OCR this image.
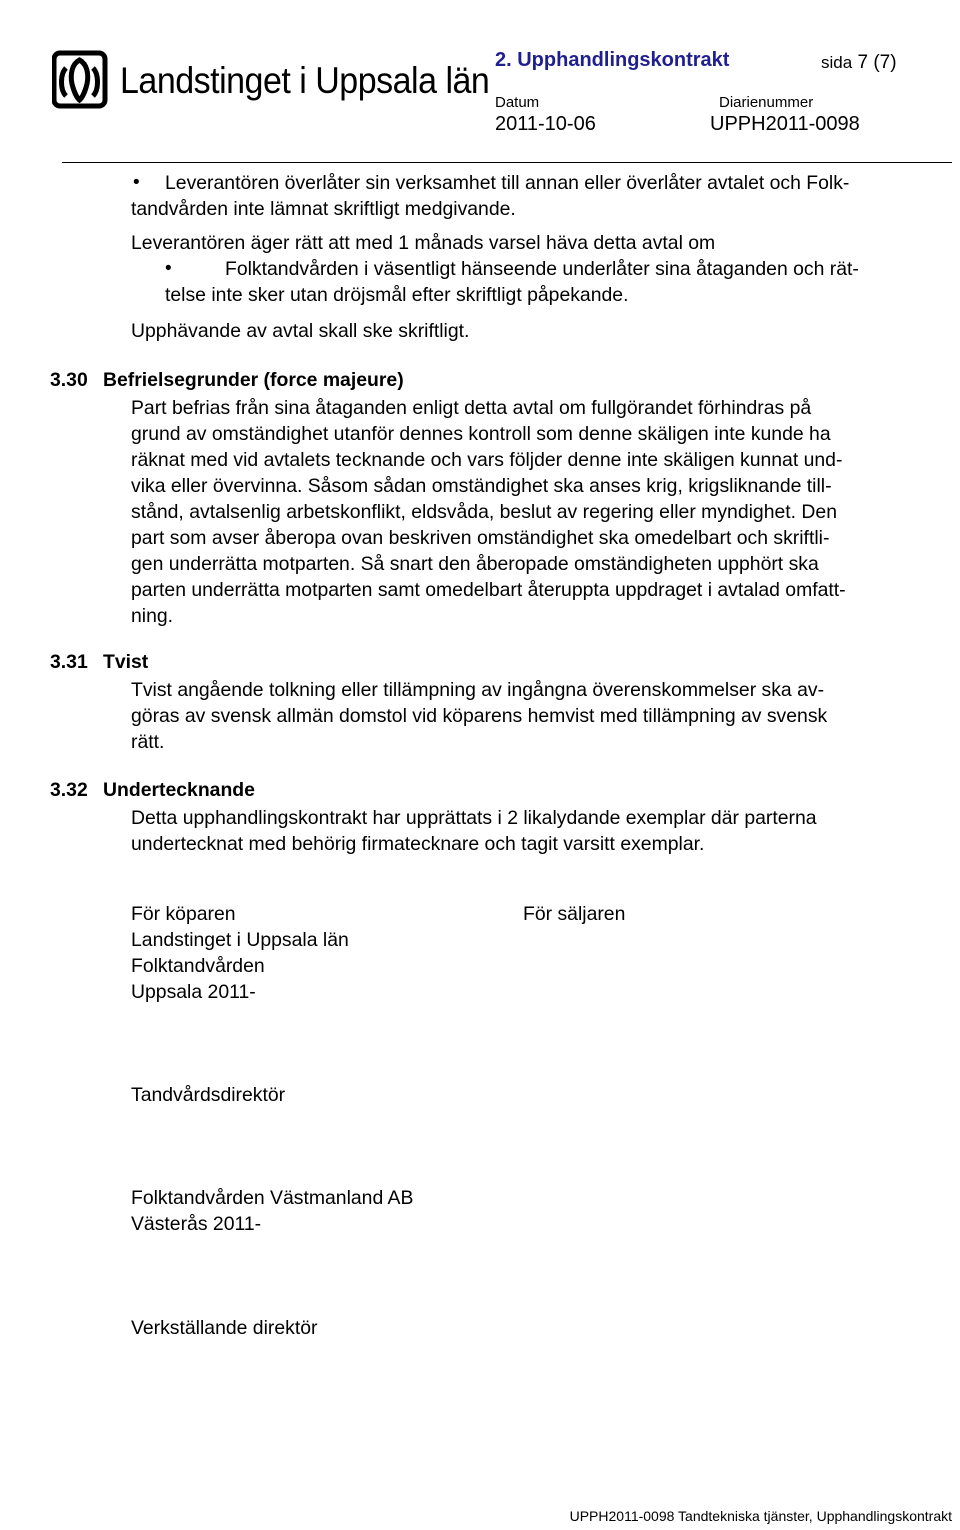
Landstinget i Uppsala län 2. Upphandlingskontrakt	sida 7 (7)
Datum	Diarienummer
2011-10-06	UPPH2011-0098
• Leverantören överlåter sin verksamhet till annan eller överlåter avtalet och Folk-
tandvården inte lämnat skriftligt medgivande.
Leverantören äger rätt att med 1 månads varsel häva detta avtal om
•	Folktandvården i väsentligt hänseende underlåter sina åtaganden och rät-
telse inte sker utan dröjsmål efter skriftligt påpekande.
Upphävande av avtal skall ske skriftligt.
3.30 Befrielsegrunder (force majeure)
Part befrias från sina åtaganden enligt detta avtal om fullgörandet förhindras på
grund av omständighet utanför dennes kontroll som denne skäligen inte kunde ha
räknat med vid avtalets tecknande och vars följder denne inte skäligen kunnat und-
vika eller övervinna. Såsom sådan omständighet ska anses krig, krigsliknande till-
stånd, avtalsenlig arbetskonflikt, eldsvåda, beslut av regering eller myndighet. Den
part som avser åberopa ovan beskriven omständighet ska omedelbart och skriftli-
gen underrätta motparten. Så snart den åberopade omständigheten upphört ska
parten underrätta motparten samt omedelbart återuppta uppdraget i avtalad omfatt-
ning.
3.31 Tvist
Tvist angående tolkning eller tillämpning av ingångna överenskommelser ska av-
göras av svensk allmän domstol vid köparens hemvist med tillämpning av svensk
rätt.
3.32 Undertecknande
Detta upphandlingskontrakt har upprättats i 2 likalydande exemplar där parterna
undertecknat med behörig firmatecknare och tagit varsitt exemplar.
För köparen	För säljaren
Landstinget i Uppsala län
Folktandvården
Uppsala 2011-
Tandvårdsdirektör
Folktandvården Västmanland AB
Västerås 2011-
Verkställande direktör
UPPH2011-0098 Tandtekniska tjänster, Upphandlingskontrakt
